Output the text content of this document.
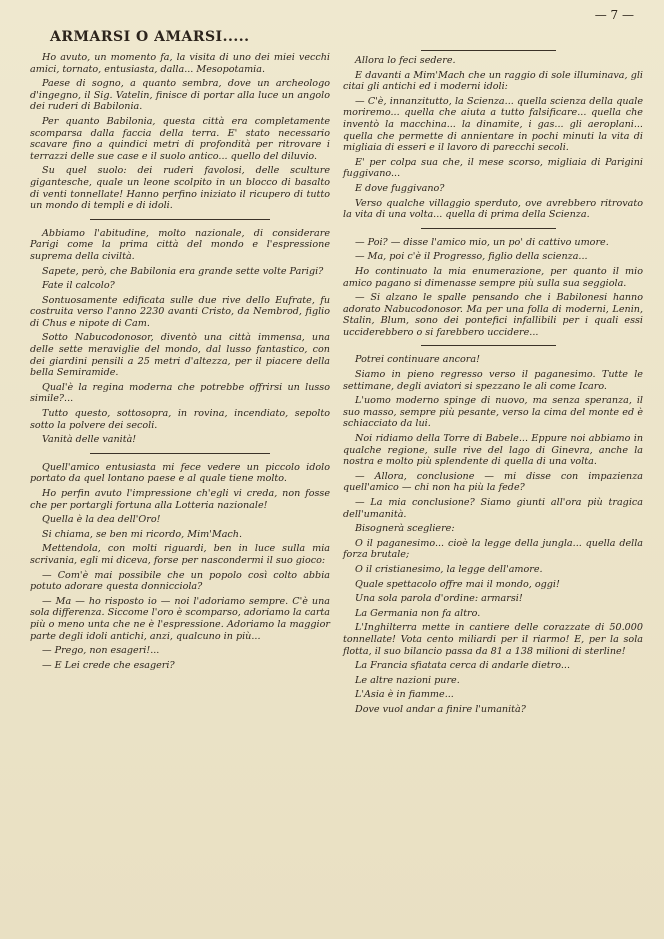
— 7 —
ARMARSI O AMARSI.....

Ho avuto, un momento fa, la visita di uno dei miei vecchi amici, tornato, entusiasta, dalla... Mesopotamia.

Paese di sogno, a quanto sembra, dove un archeologo d'ingegno, il Sig. Vatelin, finisce di portar alla luce un angolo dei ruderi di Babilonia.

Per quanto Babilonia, questa città era completamente scomparsa dalla faccia della terra. E' stato necessario scavare fino a quindici metri di profondità per ritrovare i terrazzi delle sue case e il suolo antico... quello del diluvio.

Su quel suolo: dei ruderi favolosi, delle sculture gigantesche, quale un leone scolpito in un blocco di basalto di venti tonnellate! Hanno perfino iniziato il ricupero di tutto un mondo di templi e di idoli.

Abbiamo l'abitudine, molto nazionale, di considerare Parigi come la prima città del mondo e l'espressione suprema della civiltà.

Sapete, però, che Babilonia era grande sette volte Parigi?

Fate il calcolo?

Sontuosamente edificata sulle due rive dello Eufrate, fu costruita verso l'anno 2230 avanti Cristo, da Nembrod, figlio di Chus e nipote di Cam.

Sotto Nabucodonosor, diventò una città immensa, una delle sette meraviglie del mondo, dal lusso fantastico, con dei giardini pensili a 25 metri d'altezza, per il piacere della bella Semiramide.

Qual'è la regina moderna che potrebbe offrirsi un lusso simile?...

Tutto questo, sottosopra, in rovina, incendiato, sepolto sotto la polvere dei secoli.

Vanità delle vanità!

Quell'amico entusiasta mi fece vedere un piccolo idolo portato da quel lontano paese e al quale tiene molto.

Ho perfin avuto l'impressione ch'egli vi creda, non fosse che per portargli fortuna alla Lotteria nazionale!

Quella è la dea dell'Oro!

Si chiama, se ben mi ricordo, Mim'Mach.

Mettendola, con molti riguardi, ben in luce sulla mia scrivania, egli mi diceva, forse per nascondermi il suo gioco:

— Com'è mai possibile che un popolo così colto abbia potuto adorare questa donnicciola?

— Ma — ho risposto io — noi l'adoriamo sempre. C'è una sola differenza. Siccome l'oro è scomparso, adoriamo la carta più o meno unta che ne è l'espressione. Adoriamo la maggior parte degli idoli antichi, anzi, qualcuno in più...

— Prego, non esageri!...

— E Lei crede che esageri?

Allora lo feci sedere.

E davanti a Mim'Mach che un raggio di sole illuminava, gli citai gli antichi ed i moderni idoli:

— C'è, innanzitutto, la Scienza... quella scienza della quale moriremo... quella che aiuta a tutto falsificare... quella che inventò la macchina... la dinamite, i gas... gli aeroplani... quella che permette di annientare in pochi minuti la vita di migliaia di esseri e il lavoro di parecchi secoli.

E' per colpa sua che, il mese scorso, migliaia di Parigini fuggivano...

E dove fuggivano?

Verso qualche villaggio sperduto, ove avrebbero ritrovato la vita di una volta... quella di prima della Scienza.

— Poi? — disse l'amico mio, un po' di cattivo umore.

— Ma, poi c'è il Progresso, figlio della scienza...

Ho continuato la mia enumerazione, per quanto il mio amico pagano si dimenasse sempre più sulla sua seggiola.

— Si alzano le spalle pensando che i Babilonesi hanno adorato Nabucodonosor. Ma per una folla di moderni, Lenin, Stalin, Blum, sono dei pontefici infallibili per i quali essi ucciderebbero o si farebbero uccidere...

Potrei continuare ancora!

Siamo in pieno regresso verso il paganesimo. Tutte le settimane, degli aviatori si spezzano le ali come Icaro.

L'uomo moderno spinge di nuovo, ma senza speranza, il suo masso, sempre più pesante, verso la cima del monte ed è schiacciato da lui.

Noi ridiamo della Torre di Babele... Eppure noi abbiamo in qualche regione, sulle rive del lago di Ginevra, anche la nostra e molto più splendente di quella di una volta.

— Allora, conclusione — mi disse con impazienza quell'amico — chi non ha più la fede?

— La mia conclusione? Siamo giunti all'ora più tragica dell'umanità.

Bisognerà scegliere:

O il paganesimo... cioè la legge della jungla... quella della forza brutale;

O il cristianesimo, la legge dell'amore.

Quale spettacolo offre mai il mondo, oggi!

Una sola parola d'ordine: armarsi!

La Germania non fa altro.

L'Inghilterra mette in cantiere delle corazzate di 50.000 tonnellate! Vota cento miliardi per il riarmo! E, per la sola flotta, il suo bilancio passa da 81 a 138 milioni di sterline!

La Francia sfiatata cerca di andarle dietro...

Le altre nazioni pure.

L'Asia è in fiamme...

Dove vuol andar a finire l'umanità?
